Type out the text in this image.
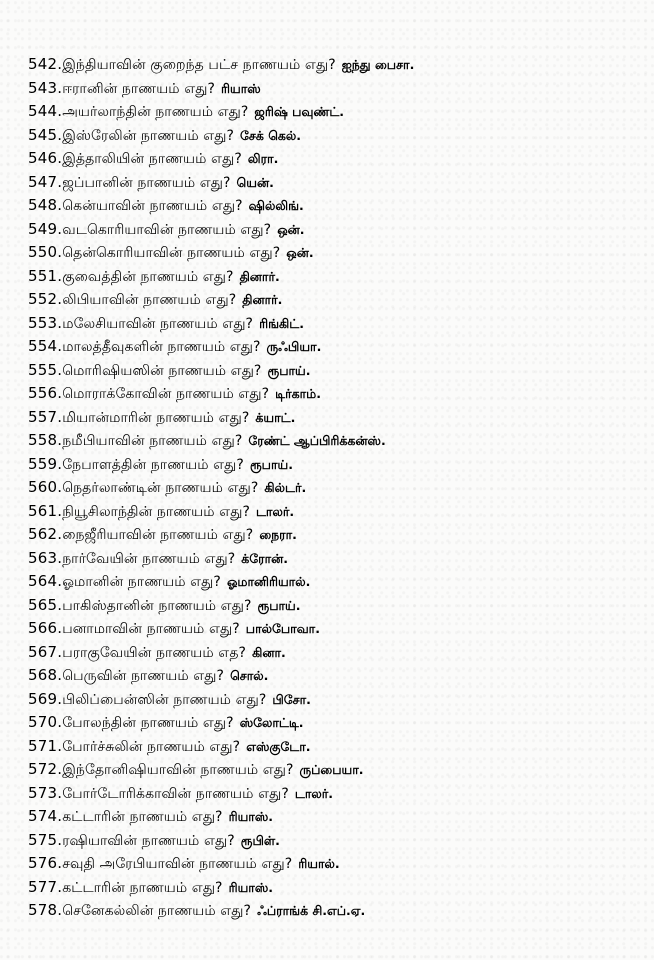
542.இந்தியாவின் குறைந்த பட்ச நாணயம் எது? ஐந்து பைசா.
543.ஈரானின் நாணயம் எது? ரியாஸ்
544.அயர்லாந்தின் நாணயம் எது? ஜரிஷ் பவுண்ட்.
545.இஸ்ரேலின் நாணயம் எது? சேக் கெல்.
546.இத்தாலியின் நாணயம் எது? லிரா.
547.ஜப்பானின் நாணயம் எது? யென்.
548.கென்யாவின் நாணயம் எது? ஷில்லிங்.
549.வடகொரியாவின் நாணயம் எது? ஒன்.
550.தென்கொரியாவின் நாணயம் எது? ஒன்.
551.குவைத்தின் நாணயம் எது? தினார்.
552.லிபியாவின் நாணயம் எது? தினார்.
553.மலேசியாவின் நாணயம் எது? ரிங்கிட்.
554.மாலத்தீவுகளின் நாணயம் எது? ருஃபியா.
555.மொரிஷியஸின் நாணயம் எது? ரூபாய்.
556.மொராக்கோவின் நாணயம் எது? டிர்காம்.
557.மியான்மாரின் நாணயம் எது? க்யாட்.
558.நமீபியாவின் நாணயம் எது? ரேண்ட் ஆப்பிரிக்கன்ஸ்.
559.நேபாளத்தின் நாணயம் எது? ரூபாய்.
560.நெதர்லாண்டின் நாணயம் எது? கில்டர்.
561.நியூசிலாந்தின் நாணயம் எது? டாலர்.
562.நைஜீரியாவின் நாணயம் எது? நைரா.
563.நார்வேயின் நாணயம் எது? க்ரோன்.
564.ஓமானின் நாணயம் எது? ஓமானிரியால்.
565.பாகிஸ்தானின் நாணயம் எது? ரூபாய்.
566.பனாமாவின் நாணயம் எது? பால்போவா.
567.பராகுவேயின் நாணயம் எத? கினா.
568.பெருவின் நாணயம் எது? சொல்.
569.பிலிப்பைன்ஸின் நாணயம் எது? பிசோ.
570.போலந்தின் நாணயம் எது? ஸ்லோட்டி.
571.போர்ச்சுலின் நாணயம் எது? எஸ்குடோ.
572.இந்தோனிஷியாவின் நாணயம் எது? ருப்பையா.
573.போர்டோரிக்காவின் நாணயம் எது? டாலர்.
574.கட்டாரின் நாணயம் எது? ரியாஸ்.
575.ரஷியாவின் நாணயம் எது? ரூபிள்.
576.சவுதி அரேபியாவின் நாணயம் எது? ரியால்.
577.கட்டாரின் நாணயம் எது? ரியாஸ்.
578.செனேகல்லின் நாணயம் எது? ஃப்ராங்க் சி.எப்.ஏ.
